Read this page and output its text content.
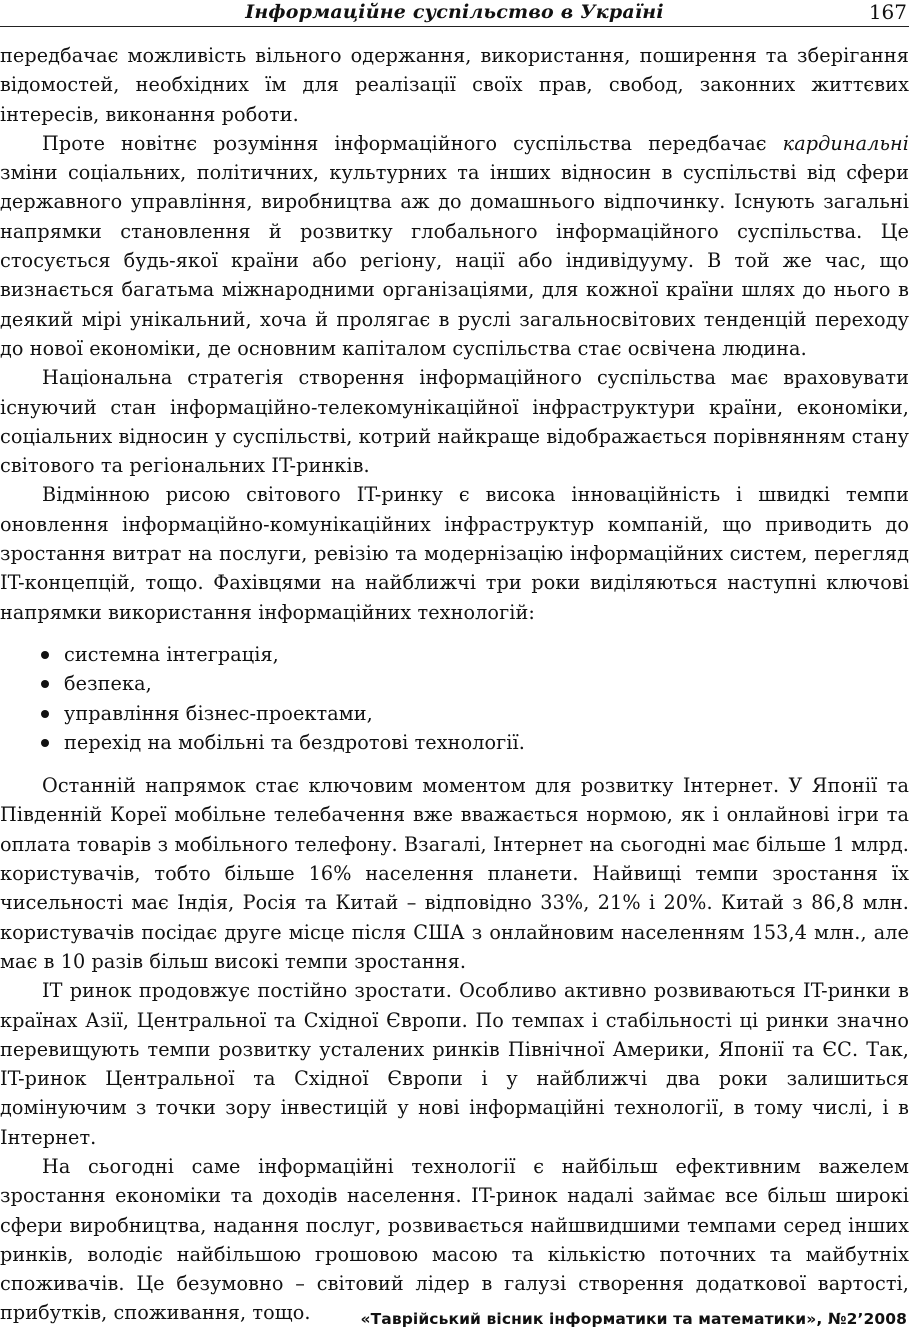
Інформаційне суспільство в Україні	167

передбачає можливість вільного одержання, використання, поширення та зберігання відомостей, необхідних їм для реалізації своїх прав, свобод, законних життєвих інтересів, виконання роботи.

Проте новітнє розуміння інформаційного суспільства передбачає кардинальні зміни соціальних, політичних, культурних та інших відносин в суспільстві від сфери державного управління, виробництва аж до домашнього відпочинку. Існують загальні напрямки становлення й розвитку глобального інформаційного суспільства. Це стосується будь-якої країни або регіону, нації або індивідууму. В той же час, що визнається багатьма міжнародними організаціями, для кожної країни шлях до нього в деякий мірі унікальний, хоча й пролягає в руслі загальносвітових тенденцій переходу до нової економіки, де основним капіталом суспільства стає освічена людина.

Національна стратегія створення інформаційного суспільства має враховувати існуючий стан інформаційно-телекомунікаційної інфраструктури країни, економіки, соціальних відносин у суспільстві, котрий найкраще відображається порівнянням стану світового та регіональних IT-ринків.

Відмінною рисою світового IT-ринку є висока інноваційність і швидкі темпи оновлення інформаційно-комунікаційних інфраструктур компаній, що приводить до зростання витрат на послуги, ревізію та модернізацію інформаційних систем, перегляд IT-концепцій, тощо. Фахівцями на найближчі три роки виділяються наступні ключові напрямки використання інформаційних технологій:

системна інтеграція,
безпека,
управління бізнес-проектами,
перехід на мобільні та бездротові технології.

Останній напрямок стає ключовим моментом для розвитку Інтернет. У Японії та Південній Кореї мобільне телебачення вже вважається нормою, як і онлайнові ігри та оплата товарів з мобільного телефону. Взагалі, Інтернет на сьогодні має більше 1 млрд. користувачів, тобто більше 16% населення планети. Найвищі темпи зростання їх чисельності має Індія, Росія та Китай – відповідно 33%, 21% і 20%. Китай з 86,8 млн. користувачів посідає друге місце після США з онлайновим населенням 153,4 млн., але має в 10 разів більш високі темпи зростання.

IT ринок продовжує постійно зростати. Особливо активно розвиваються IT-ринки в країнах Азії, Центральної та Східної Європи. По темпах і стабільності ці ринки значно перевищують темпи розвитку усталених ринків Північної Америки, Японії та ЄС. Так, IT-ринок Центральної та Східної Європи і у найближчі два роки залишиться домінуючим з точки зору інвестицій у нові інформаційні технології, в тому числі, і в Інтернет.

На сьогодні саме інформаційні технології є найбільш ефективним важелем зростання економіки та доходів населення. IT-ринок надалі займає все більш широкі сфери виробництва, надання послуг, розвивається найшвидшими темпами серед інших ринків, володіє найбільшою грошовою масою та кількістю поточних та майбутніх споживачів. Це безумовно – світовий лідер в галузі створення додаткової вартості, прибутків, споживання, тощо.	«Таврійський вісник інформатики та математики», №2’2008
